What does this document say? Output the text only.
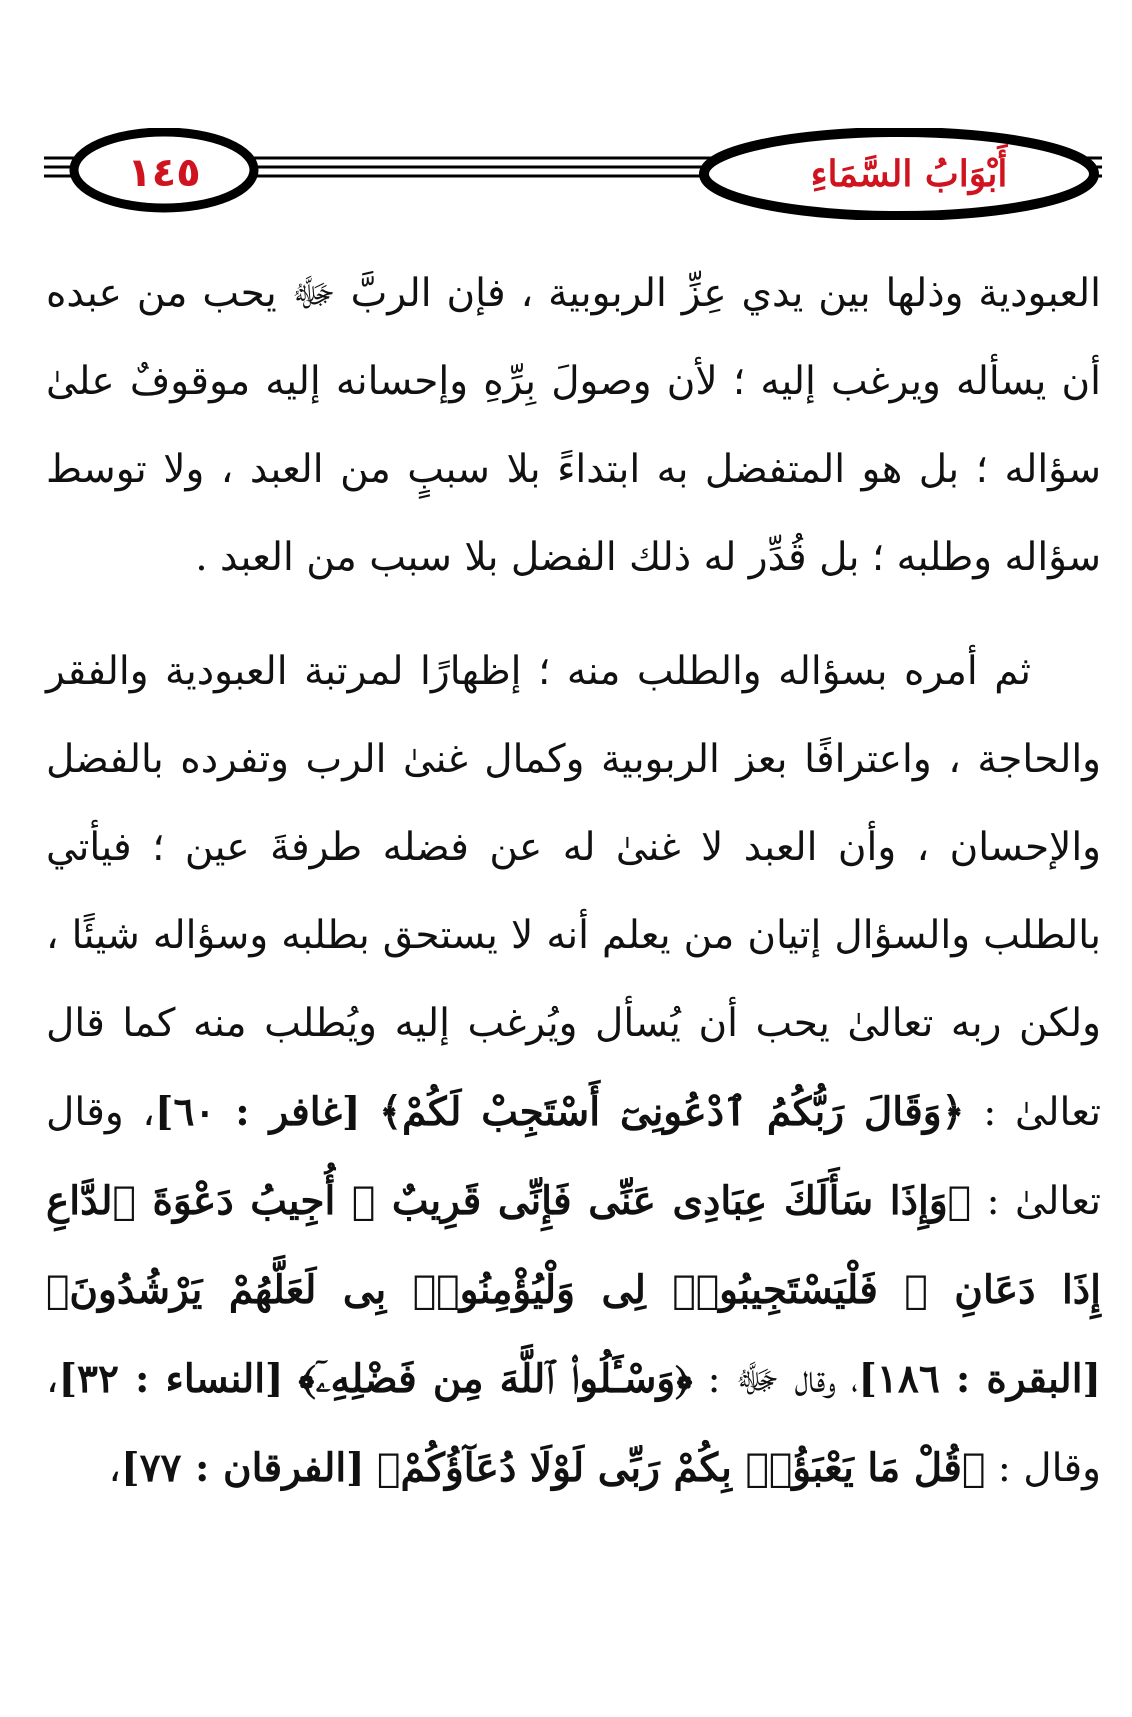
١٤٥	أَبْوَابُ السَّمَاءِ

العبودية وذلها بين يدي عِزِّ الربوبية ، فإن الربَّ ﷻ يحب من عبده أن يسأله ويرغب إليه ؛ لأن وصولَ بِرِّهِ وإحسانه إليه موقوفٌ علىٰ سؤاله ؛ بل هو المتفضل به ابتداءً بلا سببٍ من العبد ، ولا توسط سؤاله وطلبه ؛ بل قُدِّر له ذلك الفضل بلا سبب من العبد .

ثم أمره بسؤاله والطلب منه ؛ إظهارًا لمرتبة العبودية والفقر والحاجة ، واعترافًا بعز الربوبية وكمال غنىٰ الرب وتفرده بالفضل والإحسان ، وأن العبد لا غنىٰ له عن فضله طرفةَ عين ؛ فيأتي بالطلب والسؤال إتيان من يعلم أنه لا يستحق بطلبه وسؤاله شيئًا ، ولكن ربه تعالىٰ يحب أن يُسأل ويُرغب إليه ويُطلب منه كما قال تعالىٰ : ﴿وَقَالَ رَبُّكُمُ ٱدْعُونِىٓ أَسْتَجِبْ لَكُمْ﴾ [غافر : ٦٠]، وقال تعالىٰ : ﴿وَإِذَا سَأَلَكَ عِبَادِى عَنِّى فَإِنِّى قَرِيبٌ ۖ أُجِيبُ دَعْوَةَ ٱلدَّاعِ إِذَا دَعَانِ ۖ فَلْيَسْتَجِيبُوا۟ لِى وَلْيُؤْمِنُوا۟ بِى لَعَلَّهُمْ يَرْشُدُونَ﴾ [البقرة : ١٨٦]، وقال ﷻ : ﴿وَسْـَٔلُوا۟ ٱللَّهَ مِن فَضْلِهِۦٓ﴾ [النساء : ٣٢]، وقال : ﴿قُلْ مَا يَعْبَؤُا۟ بِكُمْ رَبِّى لَوْلَا دُعَآؤُكُمْ﴾ [الفرقان : ٧٧]،
